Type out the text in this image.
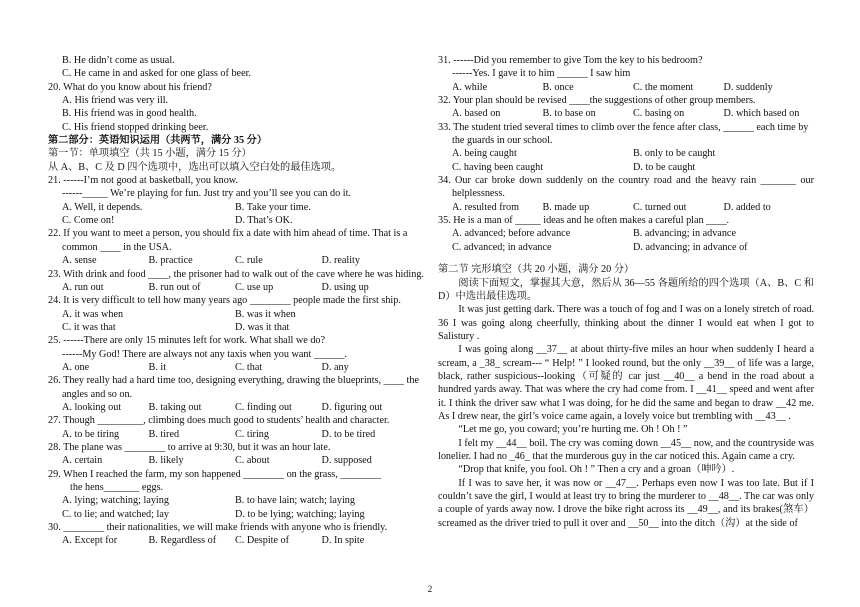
B. He didn’t come as usual.
C. He came in and asked for one glass of beer.
20. What do you know about his friend?
A. His friend was very ill.
B. His friend was in good health.
C. His friend stopped drinking beer.
第二部分：英语知识运用（共两节，满分 35 分）
第一节：单项填空（共 15 小题，满分 15 分）
从 A、B、C 及 D 四个选项中，选出可以填入空白处的最佳选项。
21. ------I’m not good at basketball, you know.
------_____ We’re playing for fun. Just try and you’ll see you can do it.
A. Well, it depends.	B. Take your time.
C. Come on!	D. That’s OK.
22. If you want to meet a person, you should fix a date with him ahead of time. That is a
common ____ in the USA.
A. sense	B. practice	C. rule	D. reality
23. With drink and food ____, the prisoner had to walk out of the cave where he was hiding.
A. run out	B. run out of	C. use up	D. using up
24. It is very difficult to tell how many years ago ________ people made the first ship.
A. it was when	B. was it when
C. it was that	D. was it that
25. ------There are only 15 minutes left for work. What shall we do?
------My God! There are always not any taxis when you want ______.
A. one	B. it	C. that	D. any
26. They really had a hard time too, designing everything, drawing the blueprints, ____ the
angles and so on.
A. looking out	B. taking out	C. finding out	D. figuring out
27. Though _________, climbing does much good to students’ health and character.
A. to be tiring	B. tired	C. tiring	D. to be tired
28. The plane was ________ to arrive at 9:30, but it was an hour late.
A. certain	B. likely	C. about	D. supposed
29. When I reached the farm, my son happened ________ on the grass, ________
the hens_______ eggs.
A. lying; watching; laying	B. to have lain; watch; laying
C. to lie; and watched; lay	D. to be lying; watching; laying
30. ________ their nationalities, we will make friends with anyone who is friendly.
A. Except for	B. Regardless of	C. Despite of	D. In spite
31. ------Did you remember to give Tom the key to his bedroom?
------Yes. I gave it to him ______ I saw him
A. while	B. once	C. the moment	D. suddenly
32. Your plan should be revised ____the suggestions of other group members.
A. based on	B. to base on	C. basing on	D. which based on
33. The student tried several times to climb over the fence after class, ______ each time by
the guards in our school.
A. being caught	B. only to be caught
C. having been caught	D. to be caught
34. Our car broke down suddenly on the country road and the heavy rain _______ our
helplessness.
A. resulted from	B. made up	C. turned out	D. added to
35. He is a man of _____ ideas and he often makes a careful plan ____.
A. advanced; before advance	B. advancing; in advance
C. advanced; in advance	D. advancing; in advance of
第二节 完形填空（共 20 小题，满分 20 分）

阅读下面短文，掌握其大意，然后从 36—55 各题所给的四个选项（A、B、C 和 D）中选出最佳选项。

It was just getting dark. There was a touch of fog and I was on a lonely stretch of road. 36 I was going along cheerfully, thinking about the dinner I would eat when I got to Salistury .

I was going along __37__ at about thirty-five miles an hour when suddenly I heard a scream, a _38_ scream--- “ Help! ” I looked round, but the only __39__ of life was a large, black, rather suspicious--looking（可疑的 car just __40__ a bend in the road about a hundred yards away. That was where the cry had come from. I __41__ speed and went after it. I think the driver saw what I was doing, for he did the same and began to draw __42 me. As I drew near, the girl’s voice came again, a lovely voice but trembling with __43__ .

“Let me go, you coward; you’re hurting me. Oh ! Oh ! ”

I felt my __44__ boil. The cry was coming down __45__ now, and the countryside was lonelier. I had no _46_ that the murderous guy in the car noticed this. Again came a cry.

“Drop that knife, you fool. Oh ! ” Then a cry and a groan（呻吟）.

If I was to save her, it was now or __47__. Perhaps even now I was too late. But if I couldn’t save the girl, I would at least try to bring the murderer to __48__. The car was only a couple of yards away now. I drove the bike right across its __49__, and its brakes(煞车）screamed as the driver tried to pull it over and __50__ into the ditch（沟）at the side of

2
